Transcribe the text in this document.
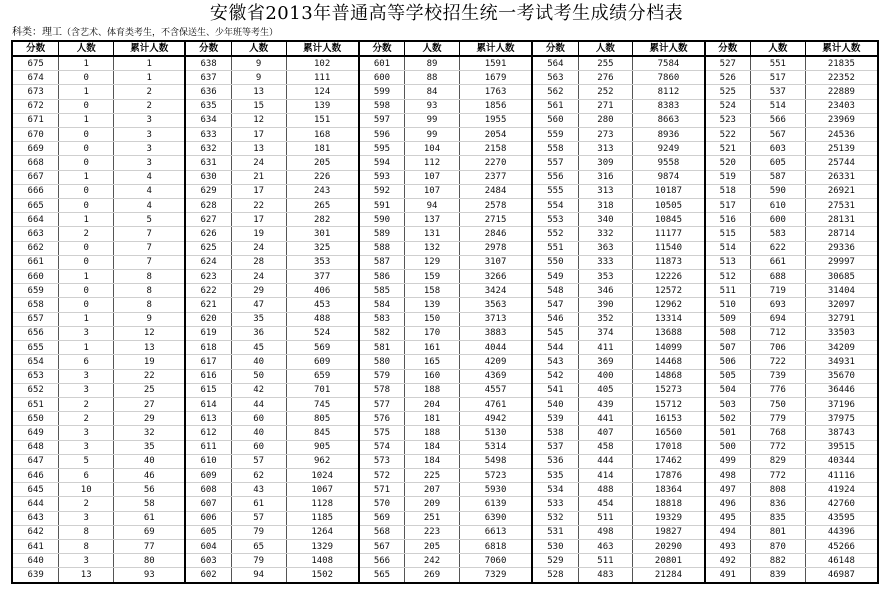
安徽省2013年普通高等学校招生统一考试考生成绩分档表
科类：理工（含艺术、体育类考生，不含保送生、少年班等考生）
分数	人数	累计人数
675	1	1
674	0	1
673	1	2
672	0	2
671	1	3
670	0	3
669	0	3
668	0	3
667	1	4
666	0	4
665	0	4
664	1	5
663	2	7
662	0	7
661	0	7
660	1	8
659	0	8
658	0	8
657	1	9
656	3	12
655	1	13
654	6	19
653	3	22
652	3	25
651	2	27
650	2	29
649	3	32
648	3	35
647	5	40
646	6	46
645	10	56
644	2	58
643	3	61
642	8	69
641	8	77
640	3	80
639	13	93
分数	人数	累计人数
638	9	102
637	9	111
636	13	124
635	15	139
634	12	151
633	17	168
632	13	181
631	24	205
630	21	226
629	17	243
628	22	265
627	17	282
626	19	301
625	24	325
624	28	353
623	24	377
622	29	406
621	47	453
620	35	488
619	36	524
618	45	569
617	40	609
616	50	659
615	42	701
614	44	745
613	60	805
612	40	845
611	60	905
610	57	962
609	62	1024
608	43	1067
607	61	1128
606	57	1185
605	79	1264
604	65	1329
603	79	1408
602	94	1502
分数	人数	累计人数
601	89	1591
600	88	1679
599	84	1763
598	93	1856
597	99	1955
596	99	2054
595	104	2158
594	112	2270
593	107	2377
592	107	2484
591	94	2578
590	137	2715
589	131	2846
588	132	2978
587	129	3107
586	159	3266
585	158	3424
584	139	3563
583	150	3713
582	170	3883
581	161	4044
580	165	4209
579	160	4369
578	188	4557
577	204	4761
576	181	4942
575	188	5130
574	184	5314
573	184	5498
572	225	5723
571	207	5930
570	209	6139
569	251	6390
568	223	6613
567	205	6818
566	242	7060
565	269	7329
分数	人数	累计人数
564	255	7584
563	276	7860
562	252	8112
561	271	8383
560	280	8663
559	273	8936
558	313	9249
557	309	9558
556	316	9874
555	313	10187
554	318	10505
553	340	10845
552	332	11177
551	363	11540
550	333	11873
549	353	12226
548	346	12572
547	390	12962
546	352	13314
545	374	13688
544	411	14099
543	369	14468
542	400	14868
541	405	15273
540	439	15712
539	441	16153
538	407	16560
537	458	17018
536	444	17462
535	414	17876
534	488	18364
533	454	18818
532	511	19329
531	498	19827
530	463	20290
529	511	20801
528	483	21284
分数	人数	累计人数
527	551	21835
526	517	22352
525	537	22889
524	514	23403
523	566	23969
522	567	24536
521	603	25139
520	605	25744
519	587	26331
518	590	26921
517	610	27531
516	600	28131
515	583	28714
514	622	29336
513	661	29997
512	688	30685
511	719	31404
510	693	32097
509	694	32791
508	712	33503
507	706	34209
506	722	34931
505	739	35670
504	776	36446
503	750	37196
502	779	37975
501	768	38743
500	772	39515
499	829	40344
498	772	41116
497	808	41924
496	836	42760
495	835	43595
494	801	44396
493	870	45266
492	882	46148
491	839	46987
